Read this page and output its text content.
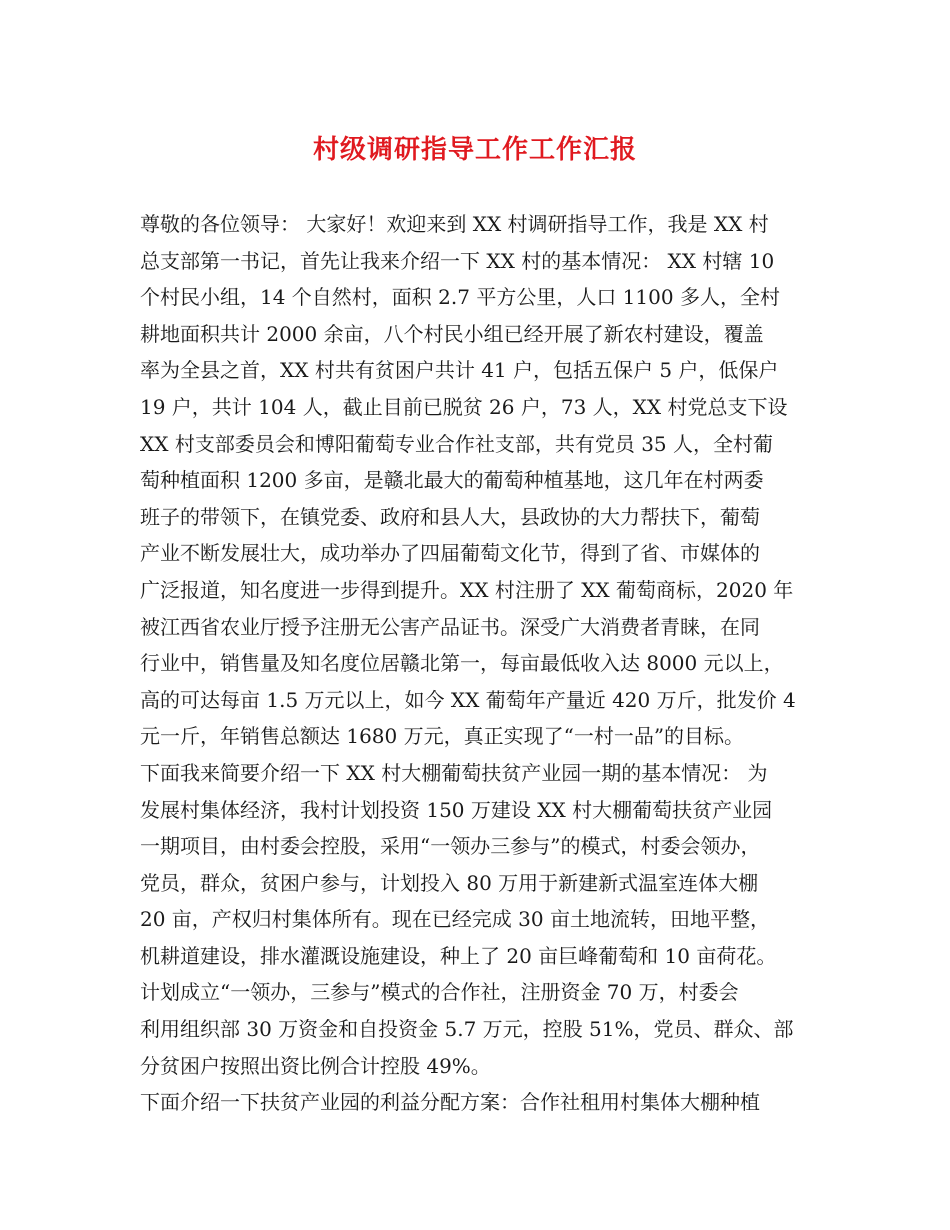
村级调研指导工作工作汇报
尊敬的各位领导： 大家好！欢迎来到 XX 村调研指导工作，我是 XX 村
总支部第一书记，首先让我来介绍一下 XX 村的基本情况： XX 村辖 10
个村民小组，14 个自然村，面积 2.7 平方公里，人口 1100 多人，全村
耕地面积共计 2000 余亩，八个村民小组已经开展了新农村建设，覆盖
率为全县之首，XX 村共有贫困户共计 41 户，包括五保户 5 户，低保户
19 户，共计 104 人，截止目前已脱贫 26 户，73 人，XX 村党总支下设
XX 村支部委员会和博阳葡萄专业合作社支部，共有党员 35 人，全村葡
萄种植面积 1200 多亩，是赣北最大的葡萄种植基地，这几年在村两委
班子的带领下，在镇党委、政府和县人大，县政协的大力帮扶下，葡萄
产业不断发展壮大，成功举办了四届葡萄文化节，得到了省、市媒体的
广泛报道，知名度进一步得到提升。XX 村注册了 XX 葡萄商标，2020 年
被江西省农业厅授予注册无公害产品证书。深受广大消费者青睐，在同
行业中，销售量及知名度位居赣北第一，每亩最低收入达 8000 元以上，
高的可达每亩 1.5 万元以上，如今 XX 葡萄年产量近 420 万斤，批发价 4
元一斤，年销售总额达 1680 万元，真正实现了“一村一品”的目标。
下面我来简要介绍一下 XX 村大棚葡萄扶贫产业园一期的基本情况： 为
发展村集体经济，我村计划投资 150 万建设 XX 村大棚葡萄扶贫产业园
一期项目，由村委会控股，采用“一领办三参与”的模式，村委会领办，
党员，群众，贫困户参与，计划投入 80 万用于新建新式温室连体大棚
20 亩，产权归村集体所有。现在已经完成 30 亩土地流转，田地平整，
机耕道建设，排水灌溉设施建设，种上了 20 亩巨峰葡萄和 10 亩荷花。
计划成立“一领办，三参与”模式的合作社，注册资金 70 万，村委会
利用组织部 30 万资金和自投资金 5.7 万元，控股 51%，党员、群众、部
分贫困户按照出资比例合计控股 49%。
下面介绍一下扶贫产业园的利益分配方案：合作社租用村集体大棚种植
